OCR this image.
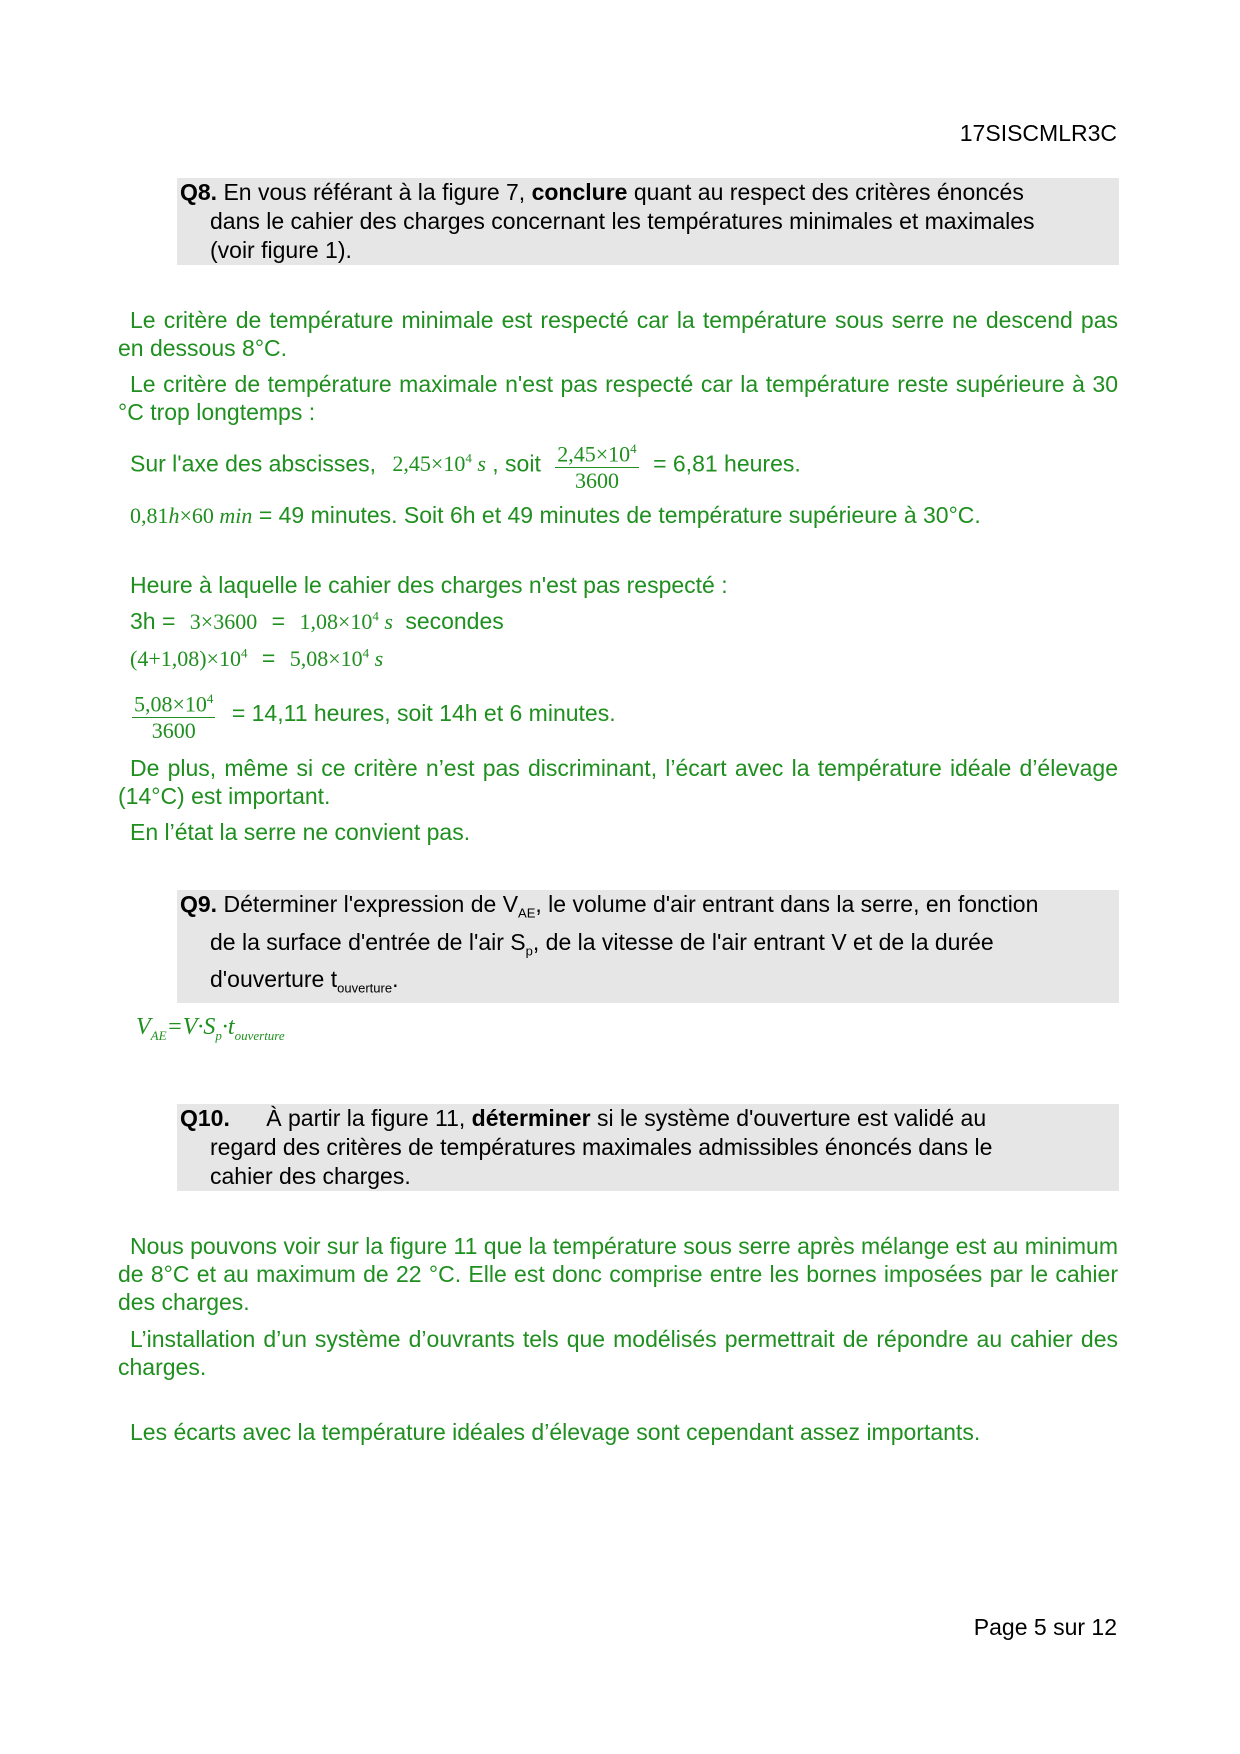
17SISCMLR3C
Q8. En vous référant à la figure 7, conclure quant au respect des critères énoncés
dans le cahier des charges concernant les températures minimales et maximales
(voir figure 1).

Le critère de température minimale est respecté car la température sous serre ne descend pas en dessous 8°C.

Le critère de température maximale n'est pas respecté car la température reste supérieure à 30 °C trop longtemps :

Sur l'axe des abscisses, $2,45\times 10^4$ s , soit $\frac{2,45\times 10^4}{3600} = 6,81$ heures.
0,81h×60 min = 49 minutes. Soit 6h et 49 minutes de température supérieure à 30°C.
Heure à laquelle le cahier des charges n'est pas respecté :
$3h = 3\times 3600 = 1,08\times 10^4$ s secondes
$(4+1,08)\times 10^4 = 5,08\times 10^4$ s
$\frac{5,08\times 10^4}{3600} = 14,11$ heures, soit 14h et 6 minutes.

De plus, même si ce critère n’est pas discriminant, l’écart avec la température idéale d’élevage (14°C) est important.

En l’état la serre ne convient pas.

Q9. Déterminer l'expression de $V_{AE}$, le volume d'air entrant dans la serre, en fonction
de la surface d'entrée de l'air $S_p$, de la vitesse de l'air entrant V et de la durée
d'ouverture $t_{ouverture}$.
$V_{AE}=V\cdot S_p\cdot t_{ouverture}$
Q10. À partir la figure 11, déterminer si le système d'ouverture est validé au
regard des critères de températures maximales admissibles énoncés dans le
cahier des charges.

Nous pouvons voir sur la figure 11 que la température sous serre après mélange est au minimum de 8°C et au maximum de 22 °C. Elle est donc comprise entre les bornes imposées par le cahier des charges.

L’installation d’un système d’ouvrants tels que modélisés permettrait de répondre au cahier des charges.

Les écarts avec la température idéales d’élevage sont cependant assez importants.

Page 5 sur 12
